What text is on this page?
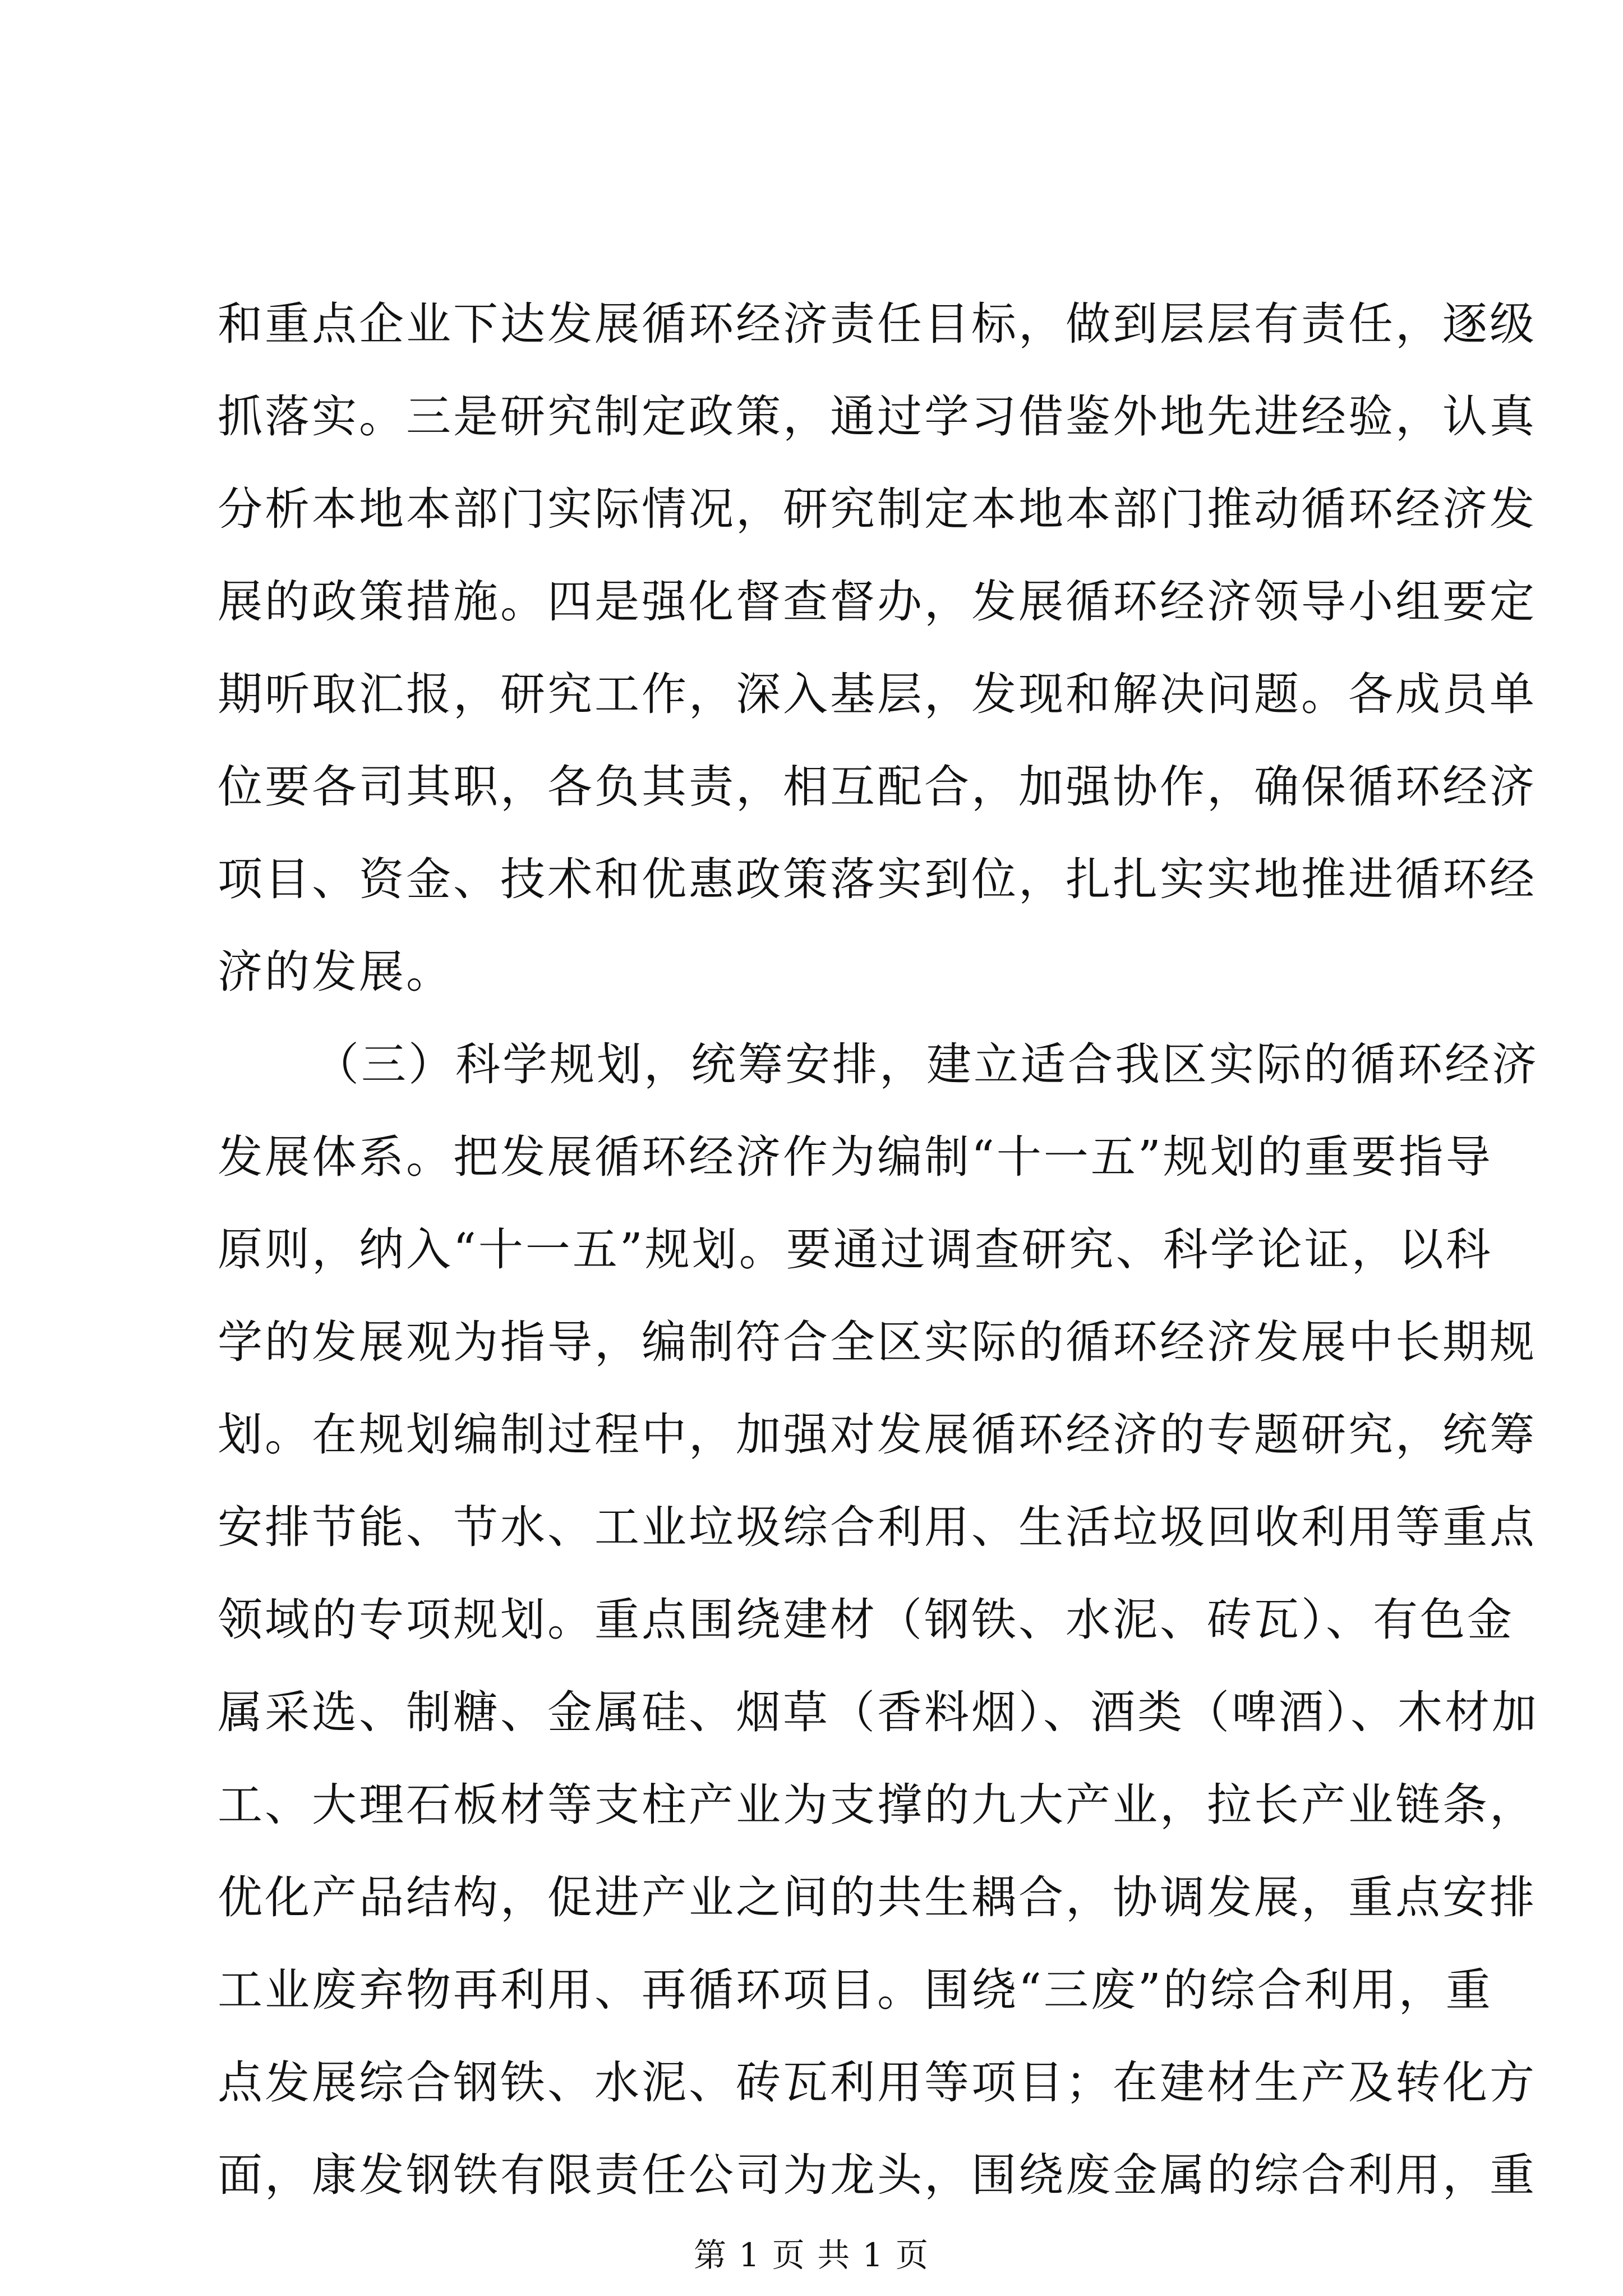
和重点企业下达发展循环经济责任目标，做到层层有责任，逐级
抓落实。三是研究制定政策，通过学习借鉴外地先进经验，认真
分析本地本部门实际情况，研究制定本地本部门推动循环经济发
展的政策措施。四是强化督查督办，发展循环经济领导小组要定
期听取汇报，研究工作，深入基层，发现和解决问题。各成员单
位要各司其职，各负其责，相互配合，加强协作，确保循环经济
项目、资金、技术和优惠政策落实到位，扎扎实实地推进循环经
济的发展。
（三）科学规划，统筹安排，建立适合我区实际的循环经济
发展体系。把发展循环经济作为编制“十一五”规划的重要指导
原则，纳入“十一五”规划。要通过调查研究、科学论证，以科
学的发展观为指导，编制符合全区实际的循环经济发展中长期规
划。在规划编制过程中，加强对发展循环经济的专题研究，统筹
安排节能、节水、工业垃圾综合利用、生活垃圾回收利用等重点
领域的专项规划。重点围绕建材（钢铁、水泥、砖瓦）、有色金
属采选、制糖、金属硅、烟草（香料烟）、酒类（啤酒）、木材加
工、大理石板材等支柱产业为支撑的九大产业，拉长产业链条，
优化产品结构，促进产业之间的共生耦合，协调发展，重点安排
工业废弃物再利用、再循环项目。围绕“三废”的综合利用，重
点发展综合钢铁、水泥、砖瓦利用等项目；在建材生产及转化方
面，康发钢铁有限责任公司为龙头，围绕废金属的综合利用，重
第 1 页 共 1 页
